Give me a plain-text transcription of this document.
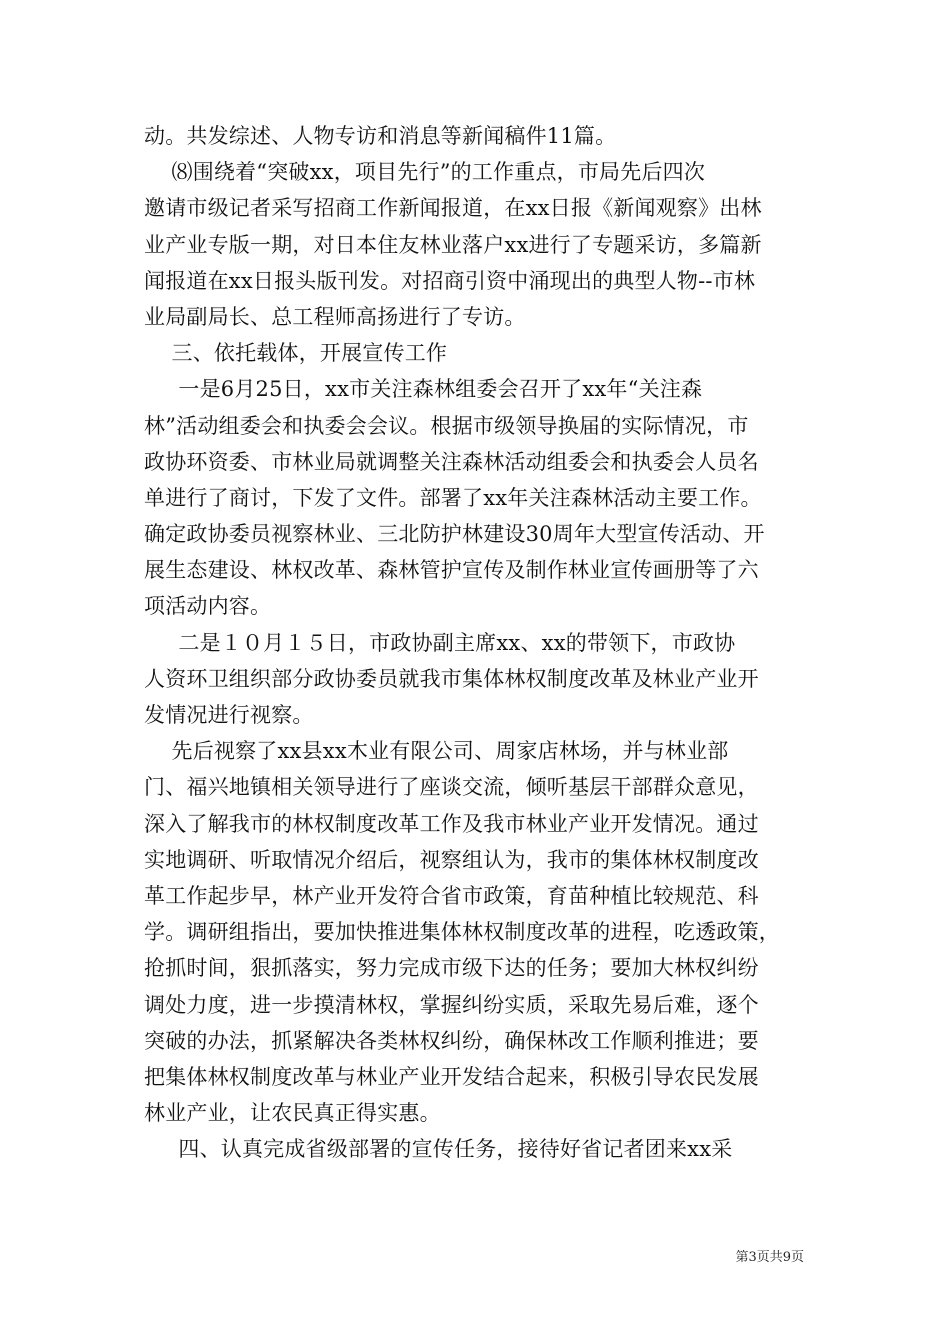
动。共发综述、人物专访和消息等新闻稿件11篇。
⑻围绕着“突破xx，项目先行”的工作重点，市局先后四次
邀请市级记者采写招商工作新闻报道，在xx日报《新闻观察》出林
业产业专版一期，对日本住友林业落户xx进行了专题采访，多篇新
闻报道在xx日报头版刊发。对招商引资中涌现出的典型人物--市林
业局副局长、总工程师高扬进行了专访。
三、依托载体，开展宣传工作
一是6月25日，xx市关注森林组委会召开了xx年“关注森
林”活动组委会和执委会会议。根据市级领导换届的实际情况，市
政协环资委、市林业局就调整关注森林活动组委会和执委会人员名
单进行了商讨，下发了文件。部署了xx年关注森林活动主要工作。
确定政协委员视察林业、三北防护林建设30周年大型宣传活动、开
展生态建设、林权改革、森林管护宣传及制作林业宣传画册等了六
项活动内容。
二是１０月１５日，市政协副主席xx、xx的带领下，市政协
人资环卫组织部分政协委员就我市集体林权制度改革及林业产业开
发情况进行视察。
先后视察了xx县xx木业有限公司、周家店林场，并与林业部
门、福兴地镇相关领导进行了座谈交流，倾听基层干部群众意见，
深入了解我市的林权制度改革工作及我市林业产业开发情况。通过
实地调研、听取情况介绍后，视察组认为，我市的集体林权制度改
革工作起步早，林产业开发符合省市政策，育苗种植比较规范、科
学。调研组指出，要加快推进集体林权制度改革的进程，吃透政策，
抢抓时间，狠抓落实，努力完成市级下达的任务；要加大林权纠纷
调处力度，进一步摸清林权，掌握纠纷实质，采取先易后难，逐个
突破的办法，抓紧解决各类林权纠纷，确保林改工作顺利推进；要
把集体林权制度改革与林业产业开发结合起来，积极引导农民发展
林业产业，让农民真正得实惠。
四、认真完成省级部署的宣传任务，接待好省记者团来xx采
第3页共9页
